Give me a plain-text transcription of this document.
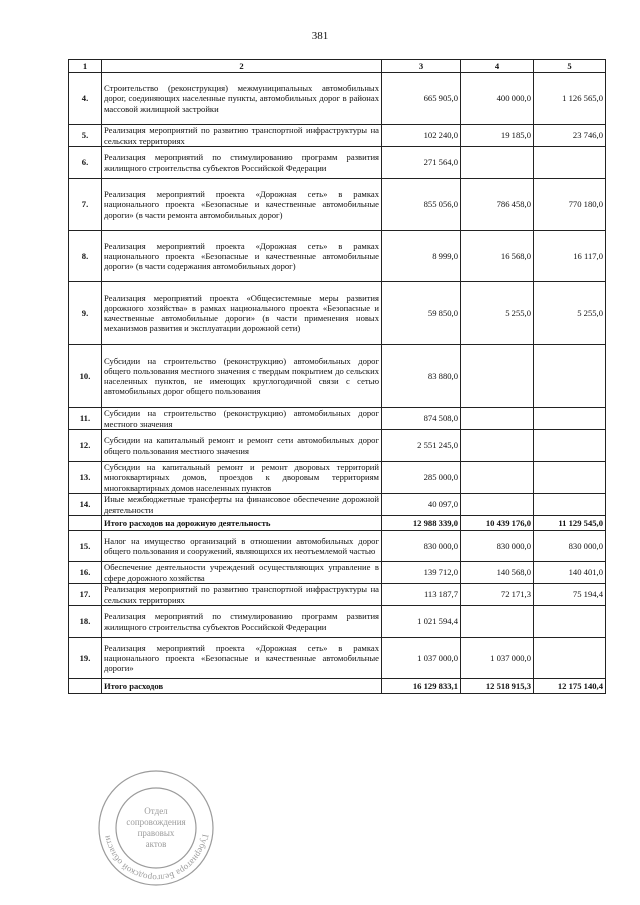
381
1	2	3	4	5
4.	Строительство (реконструкция) межмуниципальных автомобильных дорог, соединяющих населенные пункты, автомобильных дорог в районах массовой жилищной застройки	665 905,0	400 000,0	1 126 565,0
5.	Реализация мероприятий по развитию транспортной инфраструктуры на сельских территориях	102 240,0	19 185,0	23 746,0
6.	Реализация мероприятий по стимулированию программ развития жилищного строительства субъектов Российской Федерации	271 564,0		
7.	Реализация мероприятий проекта «Дорожная сеть» в рамках национального проекта «Безопасные и качественные автомобильные дороги» (в части ремонта автомобильных дорог)	855 056,0	786 458,0	770 180,0
8.	Реализация мероприятий проекта «Дорожная сеть» в рамках национального проекта «Безопасные и качественные автомобильные дороги» (в части содержания автомобильных дорог)	8 999,0	16 568,0	16 117,0
9.	Реализация мероприятий проекта «Общесистемные меры развития дорожного хозяйства» в рамках национального проекта «Безопасные и качественные автомобильные дороги» (в части применения новых механизмов развития и эксплуатации дорожной сети)	59 850,0	5 255,0	5 255,0
10.	Субсидии на строительство (реконструкцию) автомобильных дорог общего пользования местного значения с твердым покрытием до сельских населенных пунктов, не имеющих круглогодичной связи с сетью автомобильных дорог общего пользования	83 880,0		
11.	Субсидии на строительство (реконструкцию) автомобильных дорог местного значения	874 508,0		
12.	Субсидии на капитальный ремонт и ремонт сети автомобильных дорог общего пользования местного значения	2 551 245,0		
13.	Субсидии на капитальный ремонт и ремонт дворовых территорий многоквартирных домов, проездов к дворовым территориям многоквартирных домов населенных пунктов	285 000,0		
14.	Иные межбюджетные трансферты на финансовое обеспечение дорожной деятельности	40 097,0		
	Итого расходов на дорожную деятельность	12 988 339,0	10 439 176,0	11 129 545,0
15.	Налог на имущество организаций в отношении автомобильных дорог общего пользования и сооружений, являющихся их неотъемлемой частью	830 000,0	830 000,0	830 000,0
16.	Обеспечение деятельности учреждений осуществляющих управление в сфере дорожного хозяйства	139 712,0	140 568,0	140 401,0
17.	Реализация мероприятий по развитию транспортной инфраструктуры на сельских территориях	113 187,7	72 171,3	75 194,4
18.	Реализация мероприятий по стимулированию программ развития жилищного строительства субъектов Российской Федерации	1 021 594,4		
19.	Реализация мероприятий проекта «Дорожная сеть» в рамках национального проекта «Безопасные и качественные автомобильные дороги»	1 037 000,0	1 037 000,0	
	Итого расходов	16 129 833,1	12 518 915,3	12 175 140,4
Губернатора Белгородской области
Отдел
сопровождения
правовых
актов
